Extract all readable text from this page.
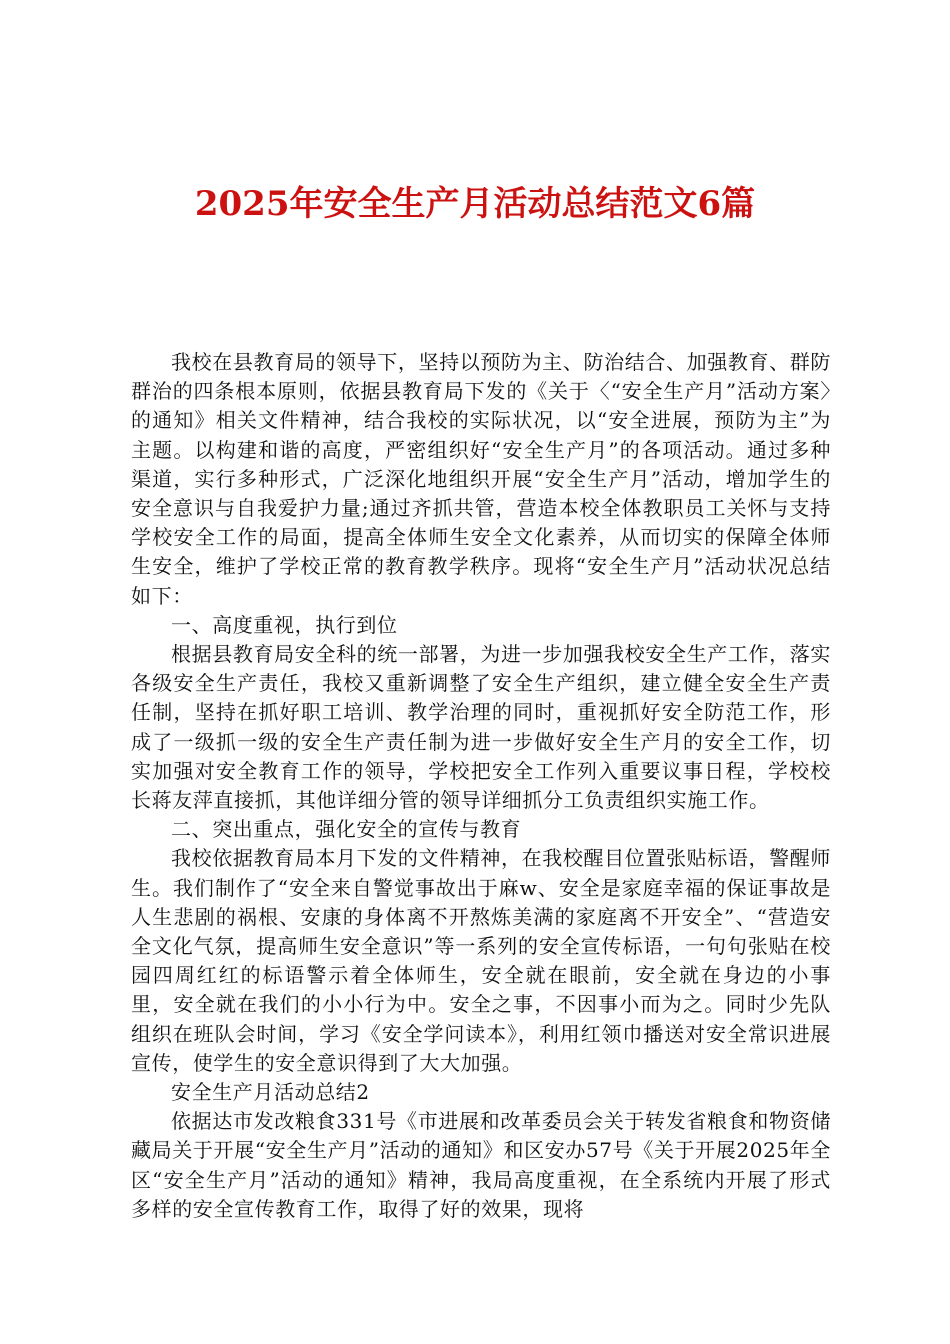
2025年安全生产月活动总结范文6篇

我校在县教育局的领导下，坚持以预防为主、防治结合、加强教育、群防群治的四条根本原则，依据县教育局下发的《关于〈“安全生产月”活动方案〉的通知》相关文件精神，结合我校的实际状况，以“安全进展，预防为主”为主题。以构建和谐的高度，严密组织好“安全生产月”的各项活动。通过多种渠道，实行多种形式，广泛深化地组织开展“安全生产月”活动，增加学生的安全意识与自我爱护力量;通过齐抓共管，营造本校全体教职员工关怀与支持学校安全工作的局面，提高全体师生安全文化素养，从而切实的保障全体师生安全，维护了学校正常的教育教学秩序。现将“安全生产月”活动状况总结如下：

一、高度重视，执行到位

根据县教育局安全科的统一部署，为进一步加强我校安全生产工作，落实各级安全生产责任，我校又重新调整了安全生产组织，建立健全安全生产责任制，坚持在抓好职工培训、教学治理的同时，重视抓好安全防范工作，形成了一级抓一级的安全生产责任制为进一步做好安全生产月的安全工作，切实加强对安全教育工作的领导，学校把安全工作列入重要议事日程，学校校长蒋友萍直接抓，其他详细分管的领导详细抓分工负责组织实施工作。

二、突出重点，强化安全的宣传与教育

我校依据教育局本月下发的文件精神，在我校醒目位置张贴标语，警醒师生。我们制作了“安全来自警觉事故出于麻w、安全是家庭幸福的保证事故是人生悲剧的祸根、安康的身体离不开熬炼美满的家庭离不开安全”、“营造安全文化气氛，提高师生安全意识”等一系列的安全宣传标语，一句句张贴在校园四周红红的标语警示着全体师生，安全就在眼前，安全就在身边的小事里，安全就在我们的小小行为中。安全之事，不因事小而为之。同时少先队组织在班队会时间，学习《安全学问读本》，利用红领巾播送对安全常识进展宣传，使学生的安全意识得到了大大加强。

安全生产月活动总结2

依据达市发改粮食331号《市进展和改革委员会关于转发省粮食和物资储藏局关于开展“安全生产月”活动的通知》和区安办57号《关于开展2025年全区“安全生产月”活动的通知》精神，我局高度重视，在全系统内开展了形式多样的安全宣传教育工作，取得了好的效果，现将
